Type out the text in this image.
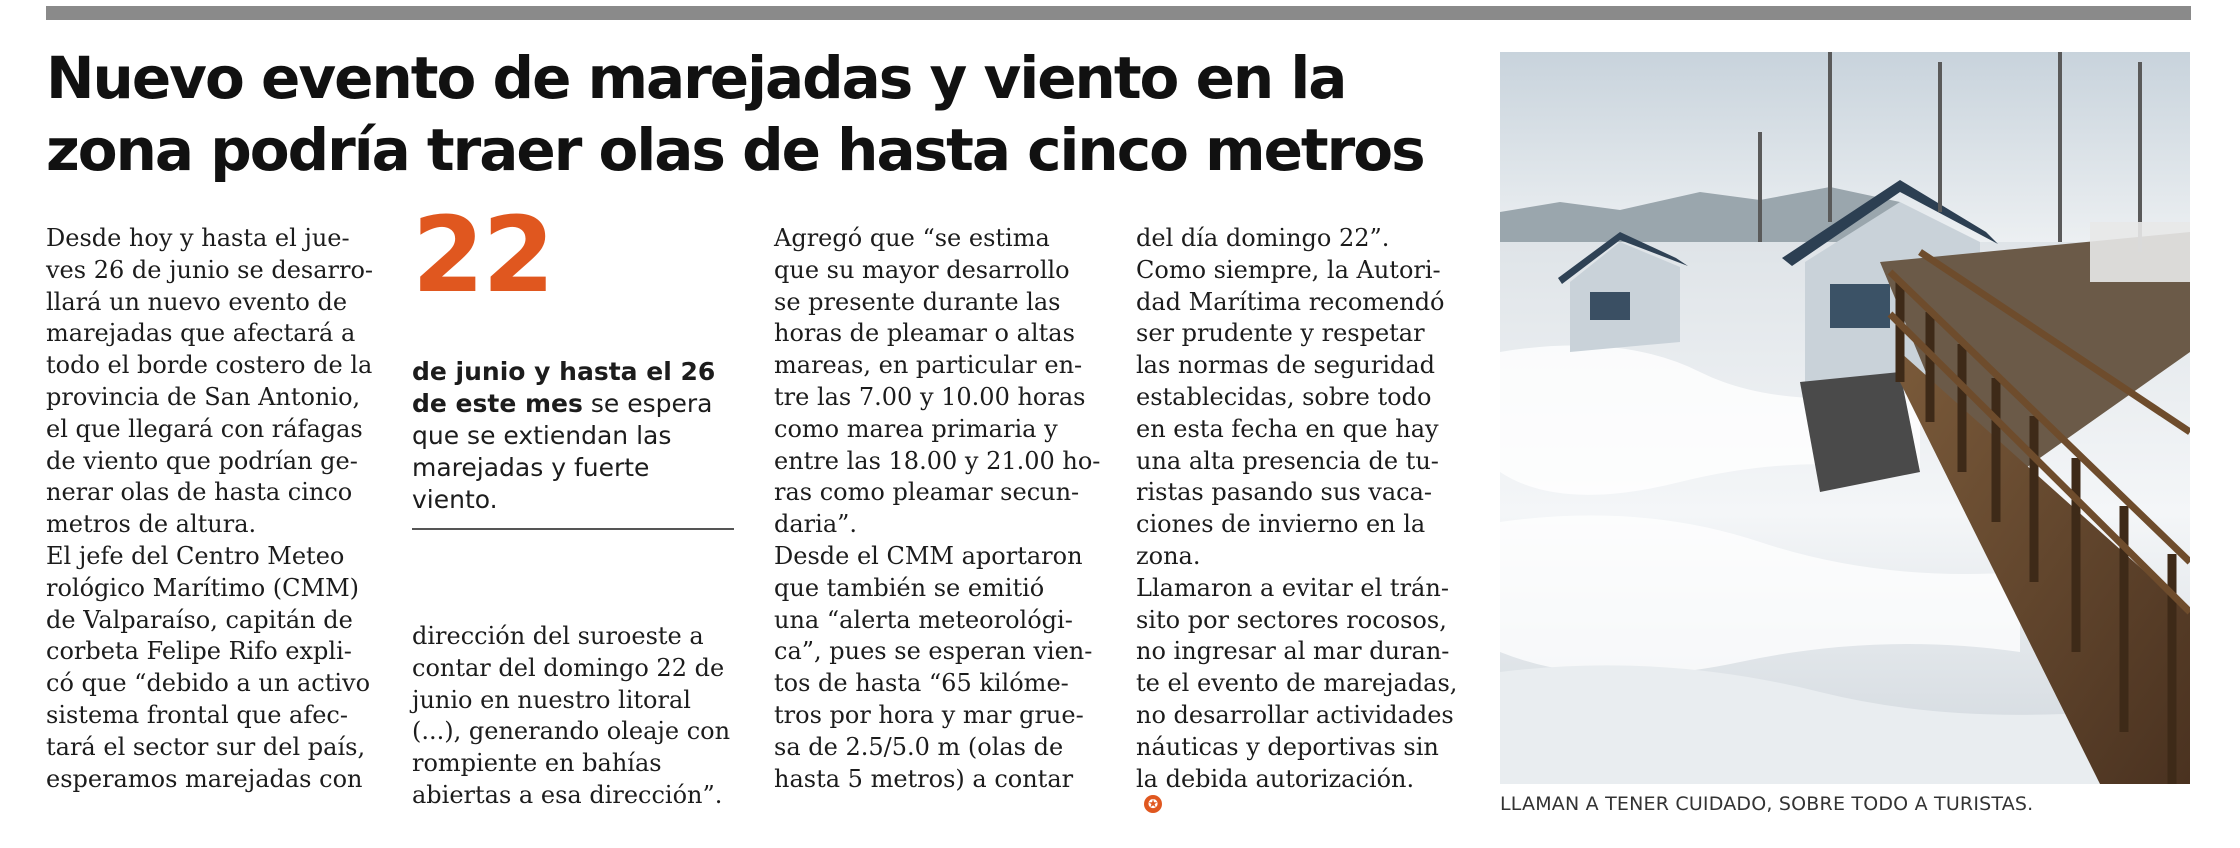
Nuevo evento de marejadas y viento en la
zona podría traer olas de hasta cinco metros

Desde hoy y hasta el jue-
ves 26 de junio se desarro-
llará un nuevo evento de
marejadas que afectará a
todo el borde costero de la
provincia de San Antonio,
el que llegará con ráfagas
de viento que podrían ge-
nerar olas de hasta cinco
metros de altura.
El jefe del Centro Meteo
rológico Marítimo (CMM)
de Valparaíso, capitán de
corbeta Felipe Rifo expli-
có que “debido a un activo
sistema frontal que afec-
tará el sector sur del país,
esperamos marejadas con

22

de junio y hasta el 26
de este mes se espera
que se extiendan las
marejadas y fuerte
viento.

dirección del suroeste a
contar del domingo 22 de
junio en nuestro litoral
(...), generando oleaje con
rompiente en bahías
abiertas a esa dirección”.

Agregó que “se estima
que su mayor desarrollo
se presente durante las
horas de pleamar o altas
mareas, en particular en-
tre las 7.00 y 10.00 horas
como marea primaria y
entre las 18.00 y 21.00 ho-
ras como pleamar secun-
daria”.
Desde el CMM aportaron
que también se emitió
una “alerta meteorológi-
ca”, pues se esperan vien-
tos de hasta “65 kilóme-
tros por hora y mar grue-
sa de 2.5/5.0 m (olas de
hasta 5 metros) a contar

del día domingo 22”.
Como siempre, la Autori-
dad Marítima recomendó
ser prudente y respetar
las normas de seguridad
establecidas, sobre todo
en esta fecha en que hay
una alta presencia de tu-
ristas pasando sus vaca-
ciones de invierno en la
zona.
Llamaron a evitar el trán-
sito por sectores rocosos,
no ingresar al mar duran-
te el evento de marejadas,
no desarrollar actividades
náuticas y deportivas sin
la debida autorización.
✪	LLAMAN A TENER CUIDADO, SOBRE TODO A TURISTAS.
